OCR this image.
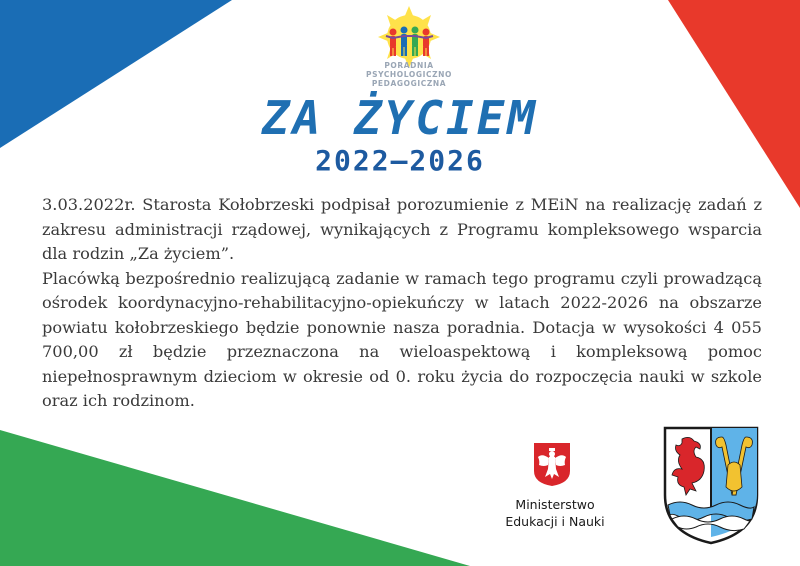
PORADNIA
PSYCHOLOGICZNO
PEDAGOGICZNA
ZA ŻYCIEM
2022–2026

3.03.2022r. Starosta Kołobrzeski podpisał porozumienie z MEiN na realizację zadań z zakresu administracji rządowej, wynikających z Programu kompleksowego wsparcia dla rodzin „Za życiem”.

Placówką bezpośrednio realizującą zadanie w ramach tego programu czyli prowadzącą ośrodek koordynacyjno-rehabilitacyjno-opiekuńczy w latach 2022-2026 na obszarze powiatu kołobrzeskiego będzie ponownie nasza poradnia. Dotacja w wysokości 4 055 700,00 zł będzie przeznaczona na wieloaspektową i kompleksową pomoc niepełnosprawnym dzieciom w okresie od 0. roku życia do rozpoczęcia nauki w szkole oraz ich rodzinom.

Ministerstwo
Edukacji i Nauki
